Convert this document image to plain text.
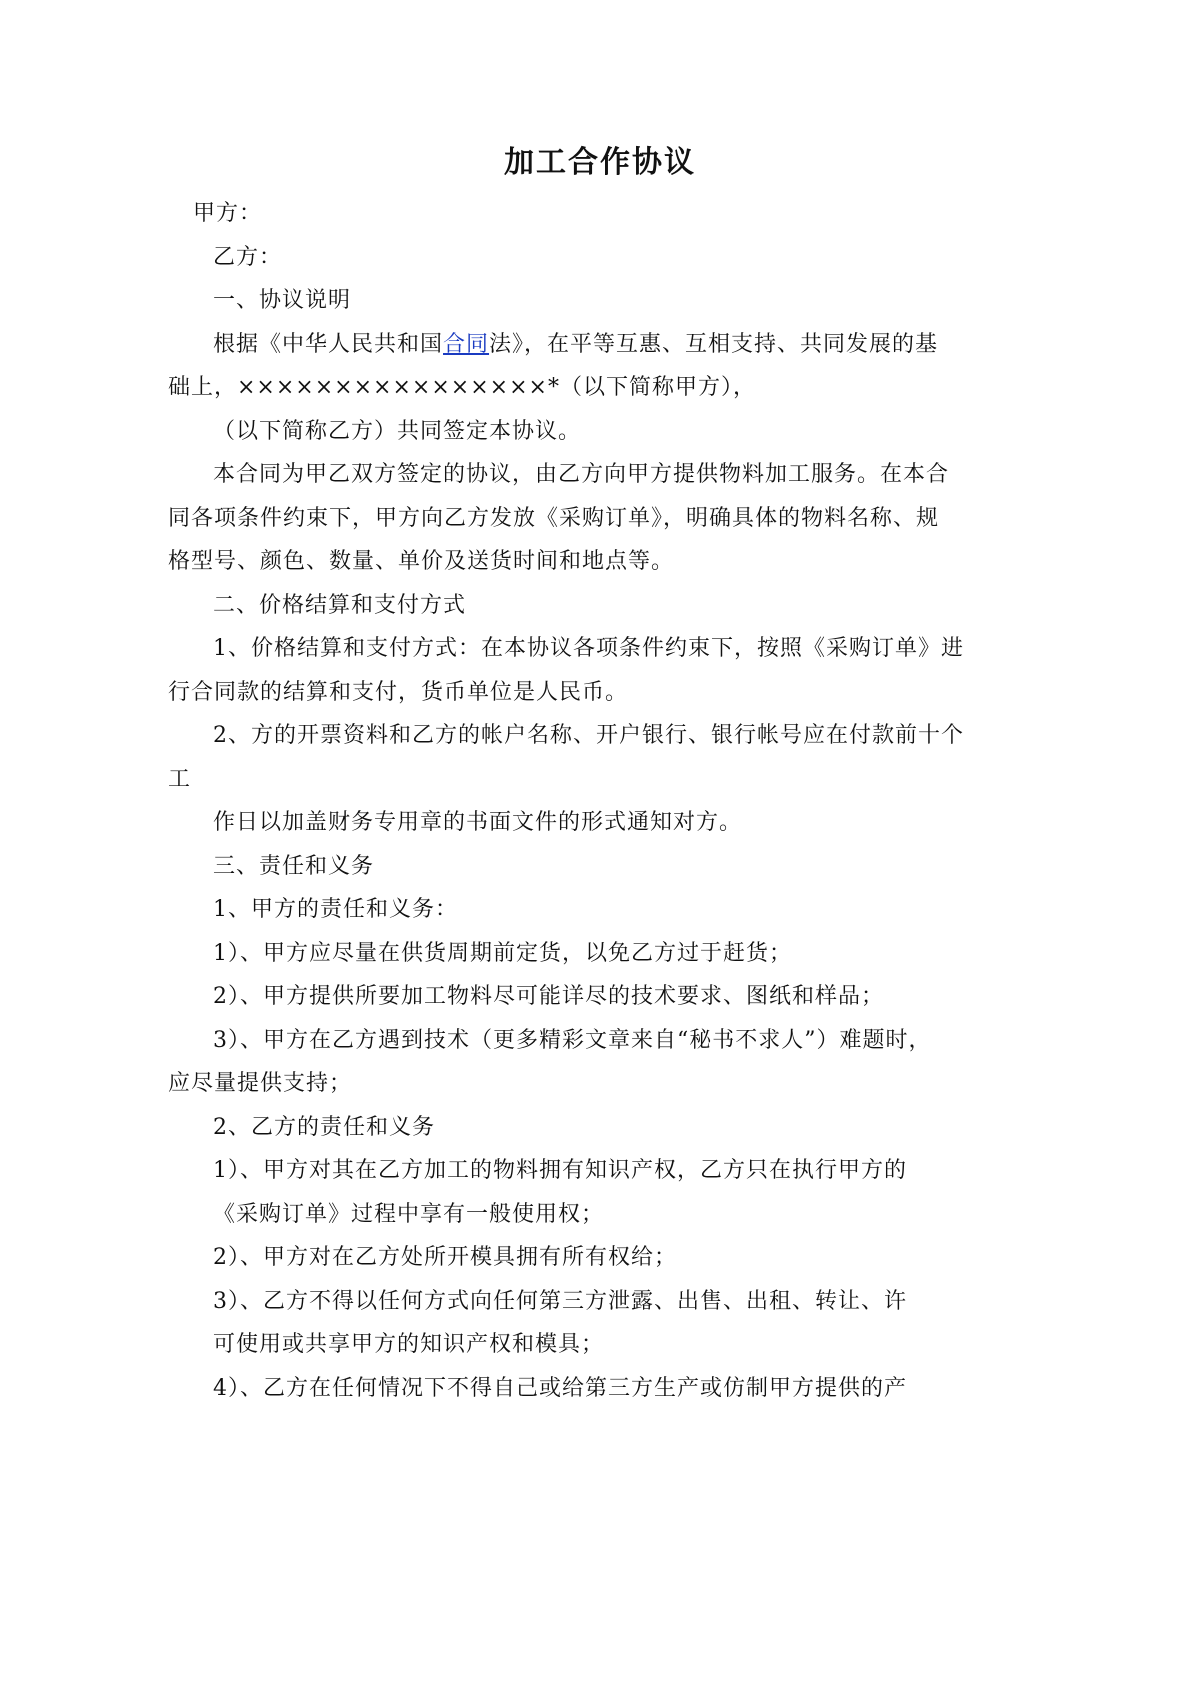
加工合作协议
甲方：
乙方：
一、协议说明
根据《中华人民共和国合同法》，在平等互惠、互相支持、共同发展的基
础上，××××××××××××××××*（以下简称甲方），
（以下简称乙方）共同签定本协议。
本合同为甲乙双方签定的协议，由乙方向甲方提供物料加工服务。在本合
同各项条件约束下，甲方向乙方发放《采购订单》，明确具体的物料名称、规
格型号、颜色、数量、单价及送货时间和地点等。
二、价格结算和支付方式
1、价格结算和支付方式：在本协议各项条件约束下，按照《采购订单》进
行合同款的结算和支付，货币单位是人民币。
2、方的开票资料和乙方的帐户名称、开户银行、银行帐号应在付款前十个
工
作日以加盖财务专用章的书面文件的形式通知对方。
三、责任和义务
1、甲方的责任和义务：
1）、甲方应尽量在供货周期前定货，以免乙方过于赶货；
2）、甲方提供所要加工物料尽可能详尽的技术要求、图纸和样品；
3）、甲方在乙方遇到技术（更多精彩文章来自“秘书不求人”）难题时，
应尽量提供支持；
2、乙方的责任和义务
1）、甲方对其在乙方加工的物料拥有知识产权，乙方只在执行甲方的
《采购订单》过程中享有一般使用权；
2）、甲方对在乙方处所开模具拥有所有权给；
3）、乙方不得以任何方式向任何第三方泄露、出售、出租、转让、许
可使用或共享甲方的知识产权和模具；
4）、乙方在任何情况下不得自己或给第三方生产或仿制甲方提供的产
